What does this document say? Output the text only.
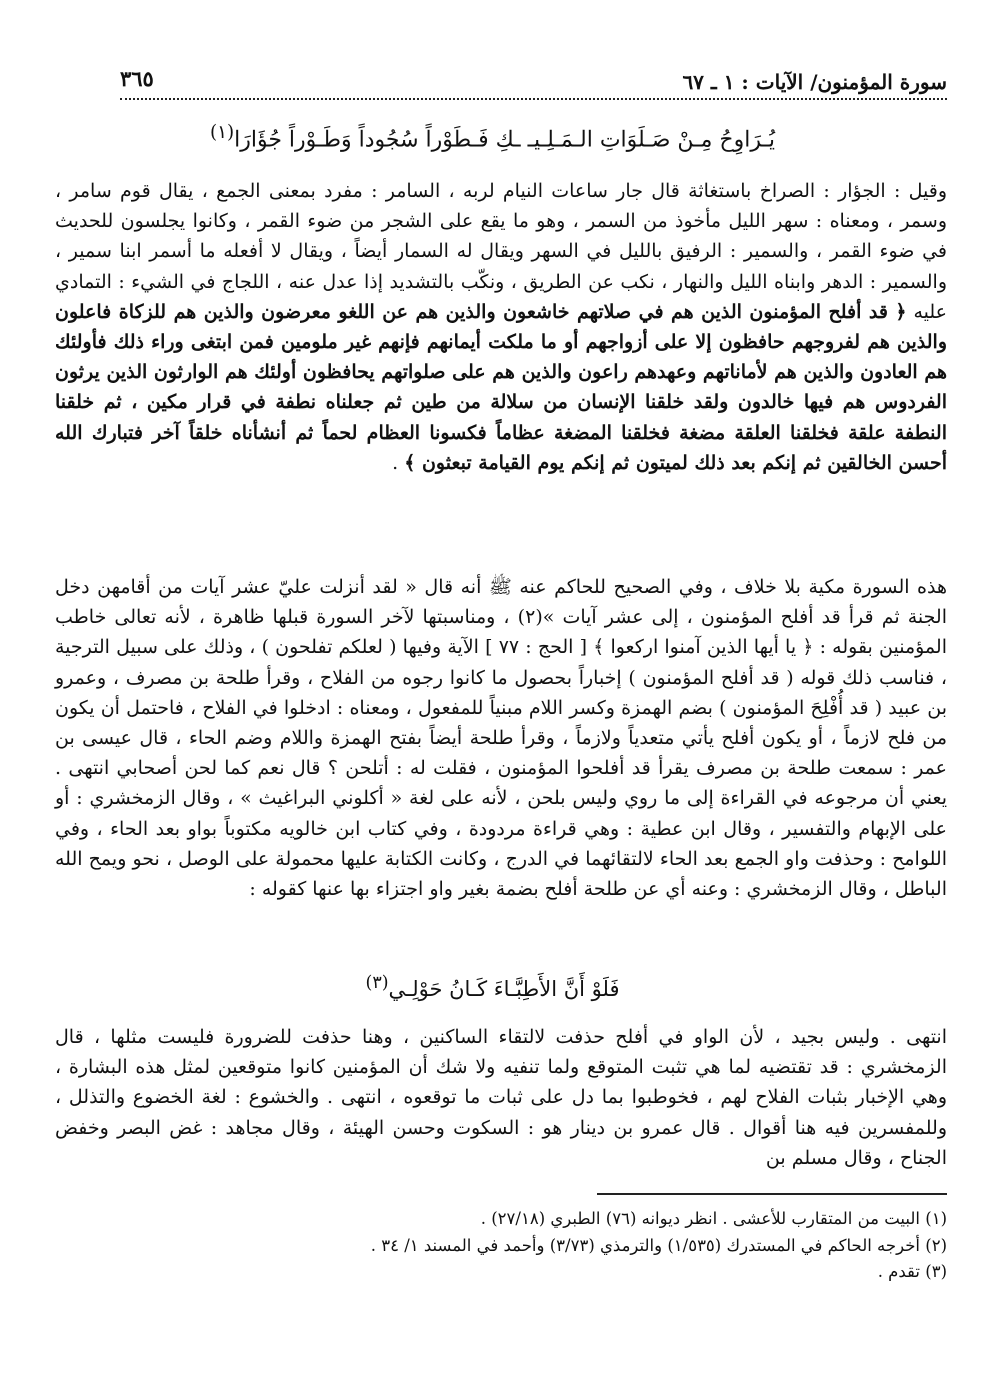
سورة المؤمنون/ الآيات : ١ ـ ٦٧
٣٦٥
يُـرَاوِحُ مِـنْ صَـلَوَاتِ الـمَـلِـيـ ـكِ فَـطَوْراً سُجُوداً وَطَـوْراً جُؤَارَا$^{(١)}$
وقيل : الجؤار : الصراخ باستغاثة قال جار ساعات النيام لربه ، السامر : مفرد بمعنى الجمع ، يقال قوم سامر ، وسمر ، ومعناه : سهر الليل مأخوذ من السمر ، وهو ما يقع على الشجر من ضوء القمر ، وكانوا يجلسون للحديث في ضوء القمر ، والسمير : الرفيق بالليل في السهر ويقال له السمار أيضاً ، ويقال لا أفعله ما أسمر ابنا سمير ، والسمير : الدهر وابناه الليل والنهار ، نكب عن الطريق ، ونكّب بالتشديد إذا عدل عنه ، اللجاج في الشيء : التمادي عليه ﴿ قد أفلح المؤمنون الذين هم في صلاتهم خاشعون والذين هم عن اللغو معرضون والذين هم للزكاة فاعلون والذين هم لفروجهم حافظون إلا على أزواجهم أو ما ملكت أيمانهم فإنهم غير ملومين فمن ابتغى وراء ذلك فأولئك هم العادون والذين هم لأماناتهم وعهدهم راعون والذين هم على صلواتهم يحافظون أولئك هم الوارثون الذين يرثون الفردوس هم فيها خالدون ولقد خلقنا الإنسان من سلالة من طين ثم جعلناه نطفة في قرار مكين ، ثم خلقنا النطفة علقة فخلقنا العلقة مضغة فخلقنا المضغة عظاماً فكسونا العظام لحماً ثم أنشأناه خلقاً آخر فتبارك الله أحسن الخالقين ثم إنكم بعد ذلك لميتون ثم إنكم يوم القيامة تبعثون ﴾ .
هذه السورة مكية بلا خلاف ، وفي الصحيح للحاكم عنه ﷺ أنه قال « لقد أنزلت عليّ عشر آيات من أقامهن دخل الجنة ثم قرأ قد أفلح المؤمنون ، إلى عشر آيات »(٢) ، ومناسبتها لآخر السورة قبلها ظاهرة ، لأنه تعالى خاطب المؤمنين بقوله : ﴿ يا أيها الذين آمنوا اركعوا ﴾ [ الحج : ٧٧ ] الآية وفيها ( لعلكم تفلحون ) ، وذلك على سبيل الترجية ، فناسب ذلك قوله ( قد أفلح المؤمنون ) إخباراً بحصول ما كانوا رجوه من الفلاح ، وقرأ طلحة بن مصرف ، وعمرو بن عبيد ( قد أُفْلِحَ المؤمنون ) بضم الهمزة وكسر اللام مبنياً للمفعول ، ومعناه : ادخلوا في الفلاح ، فاحتمل أن يكون من فلح لازماً ، أو يكون أفلح يأتي متعدياً ولازماً ، وقرأ طلحة أيضاً بفتح الهمزة واللام وضم الحاء ، قال عيسى بن عمر : سمعت طلحة بن مصرف يقرأ قد أفلحوا المؤمنون ، فقلت له : أتلحن ؟ قال نعم كما لحن أصحابي انتهى . يعني أن مرجوعه في القراءة إلى ما روي وليس بلحن ، لأنه على لغة « أكلوني البراغيث » ، وقال الزمخشري : أو على الإبهام والتفسير ، وقال ابن عطية : وهي قراءة مردودة ، وفي كتاب ابن خالويه مكتوباً بواو بعد الحاء ، وفي اللوامح : وحذفت واو الجمع بعد الحاء لالتقائهما في الدرج ، وكانت الكتابة عليها محمولة على الوصل ، نحو ويمح الله الباطل ، وقال الزمخشري : وعنه أي عن طلحة أفلح بضمة بغير واو اجتزاء بها عنها كقوله :
فَلَوْ أَنَّ الأَطِبَّـاءَ كَـانُ حَوْلِـي$^{(٣)}$
انتهى . وليس بجيد ، لأن الواو في أفلح حذفت لالتقاء الساكنين ، وهنا حذفت للضرورة فليست مثلها ، قال الزمخشري : قد تقتضيه لما هي تثبت المتوقع ولما تنفيه ولا شك أن المؤمنين كانوا متوقعين لمثل هذه البشارة ، وهي الإخبار بثبات الفلاح لهم ، فخوطبوا بما دل على ثبات ما توقعوه ، انتهى . والخشوع : لغة الخضوع والتذلل ، وللمفسرين فيه هنا أقوال . قال عمرو بن دينار هو : السكوت وحسن الهيئة ، وقال مجاهد : غض البصر وخفض الجناح ، وقال مسلم بن
(١) البيت من المتقارب للأعشى . انظر ديوانه (٧٦) الطبري (٢٧/١٨) .
(٢) أخرجه الحاكم في المستدرك (١/٥٣٥) والترمذي (٣/٧٣) وأحمد في المسند ١/ ٣٤ .
(٣) تقدم .
